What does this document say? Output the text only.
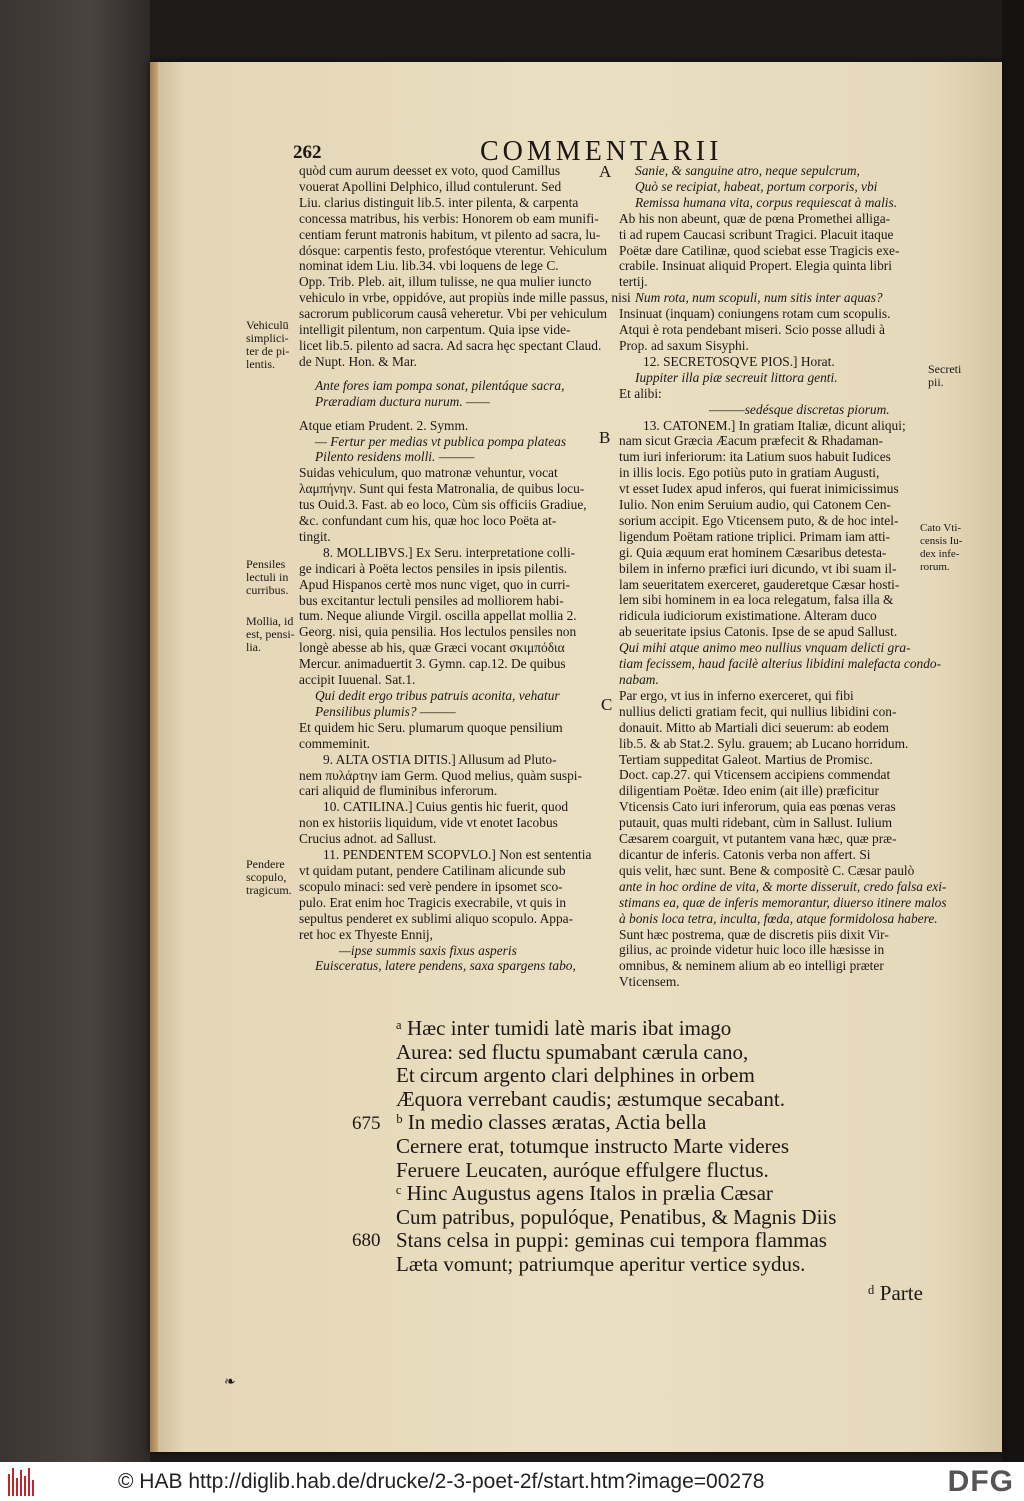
262	COMMENTARII
quòd cum aurum deesset ex voto, quod Camillus
vouerat Apollini Delphico, illud contulerunt. Sed
Liu. clarius distinguit lib.5. inter pilenta, & carpenta
concessa matribus, his verbis: Honorem ob eam munifi-
centiam ferunt matronis habitum, vt pilento ad sacra, lu-
dósque: carpentis festo, profestóque vterentur. Vehiculum
nominat idem Liu. lib.34. vbi loquens de lege C.
Opp. Trib. Pleb. ait, illum tulisse, ne qua mulier iuncto
vehiculo in vrbe, oppidóve, aut propiùs inde mille passus, nisi
sacrorum publicorum causâ veheretur. Vbi per vehiculum
intelligit pilentum, non carpentum. Quia ipse vide-
licet lib.5. pilento ad sacra. Ad sacra hęc spectant Claud.
de Nupt. Hon. & Mar.
Ante fores iam pompa sonat, pilentáque sacra,
Præradiam ductura nurum. ——
Atque etiam Prudent. 2. Symm.
— Fertur per medias vt publica pompa plateas
Pilento residens molli. ———
Suidas vehiculum, quo matronæ vehuntur, vocat
λαμπήνην. Sunt qui festa Matronalia, de quibus locu-
tus Ouid.3. Fast. ab eo loco, Cùm sis officiis Gradiue,
&c. confundant cum his, quæ hoc loco Poëta at-
tingit.
8. MOLLIBVS.] Ex Seru. interpretatione colli-
ge indicari à Poëta lectos pensiles in ipsis pilentis.
Apud Hispanos certè mos nunc viget, quo in curri-
bus excitantur lectuli pensiles ad molliorem habi-
tum. Neque aliunde Virgil. oscilla appellat mollia 2.
Georg. nisi, quia pensilia. Hos lectulos pensiles non
longè abesse ab his, quæ Græci vocant σκιμπόδια
Mercur. animaduertit 3. Gymn. cap.12. De quibus
accipit Iuuenal. Sat.1.
Qui dedit ergo tribus patruis aconita, vehatur
Pensilibus plumis? ———
Et quidem hic Seru. plumarum quoque pensilium
commeminit.
9. ALTA OSTIA DITIS.] Allusum ad Pluto-
nem πυλάρτην iam Germ. Quod melius, quàm suspi-
cari aliquid de fluminibus inferorum.
10. CATILINA.] Cuius gentis hic fuerit, quod
non ex historiis liquidum, vide vt enotet Iacobus
Crucius adnot. ad Sallust.
11. PENDENTEM SCOPVLO.] Non est sententia
vt quidam putant, pendere Catilinam alicunde sub
scopulo minaci: sed verè pendere in ipsomet sco-
pulo. Erat enim hoc Tragicis execrabile, vt quis in
sepultus penderet ex sublimi aliquo scopulo. Appa-
ret hoc ex Thyeste Ennij,
—ipse summis saxis fixus asperis
Euisceratus, latere pendens, saxa spargens tabo,
Sanie, & sanguine atro, neque sepulcrum,
Quò se recipiat, habeat, portum corporis, vbi
Remissa humana vita, corpus requiescat à malis.
Ab his non abeunt, quæ de pœna Promethei alliga-
ti ad rupem Caucasi scribunt Tragici. Placuit itaque
Poëtæ dare Catilinæ, quod sciebat esse Tragicis exe-
crabile. Insinuat aliquid Propert. Elegia quinta libri
tertij.
Num rota, num scopuli, num sitis inter aquas?
Insinuat (inquam) coniungens rotam cum scopulis.
Atqui è rota pendebant miseri. Scio posse alludi à
Prop. ad saxum Sisyphi.
12. SECRETOSQVE PIOS.] Horat.
Iuppiter illa piæ secreuit littora genti.
Et alibi:
———sedésque discretas piorum.
13. CATONEM.] In gratiam Italiæ, dicunt aliqui;
nam sicut Græcia Æacum præfecit & Rhadaman-
tum iuri inferiorum: ita Latium suos habuit Iudices
in illis locis. Ego potiùs puto in gratiam Augusti,
vt esset Iudex apud inferos, qui fuerat inimicissimus
Iulio. Non enim Seruium audio, qui Catonem Cen-
sorium accipit. Ego Vticensem puto, & de hoc intel-
ligendum Poëtam ratione triplici. Primam iam atti-
gi. Quia æquum erat hominem Cæsaribus detesta-
bilem in inferno præfici iuri dicundo, vt ibi suam il-
lam seueritatem exerceret, gauderetque Cæsar hosti-
lem sibi hominem in ea loca relegatum, falsa illa &
ridicula iudiciorum existimatione. Alteram duco
ab seueritate ipsius Catonis. Ipse de se apud Sallust.
Qui mihi atque animo meo nullius vnquam delicti gra-
tiam fecissem, haud facilè alterius libidini malefacta condo-
nabam.
Par ergo, vt ius in inferno exerceret, qui fibi
nullius delicti gratiam fecit, qui nullius libidini con-
donauit. Mitto ab Martiali dici seuerum: ab eodem
lib.5. & ab Stat.2. Sylu. grauem; ab Lucano horridum.
Tertiam suppeditat Galeot. Martius de Promisc.
Doct. cap.27. qui Vticensem accipiens commendat
diligentiam Poëtæ. Ideo enim (ait ille) præficitur
Vticensis Cato iuri inferorum, quia eas pœnas veras
putauit, quas multi ridebant, cùm in Sallust. Iulium
Cæsarem coarguit, vt putantem vana hæc, quæ præ-
dicantur de inferis. Catonis verba non affert. Si
quis velit, hæc sunt. Bene & compositè C. Cæsar paulò
ante in hoc ordine de vita, & morte disseruit, credo falsa exi-
stimans ea, quæ de inferis memorantur, diuerso itinere malos
à bonis loca tetra, inculta, fœda, atque formidolosa habere.
Sunt hæc postrema, quæ de discretis piis dixit Vir-
gilius, ac proinde videtur huic loco ille hæsisse in
omnibus, & neminem alium ab eo intelligi præter
Vticensem.
Vehiculū
simplici-
ter de pi-
lentis.
Pensiles
lectuli in
curribus.
Mollia, id
est, pensi-
lia.
Pendere
scopulo,
tragicum.
Secreti
pii.
Cato Vti-
censis Iu-
dex infe-
rorum.
A
B
C
ᵃ Hæc inter tumidi latè maris ibat imago
Aurea: sed fluctu spumabant cærula cano,
Et circum argento clari delphines in orbem
Æquora verrebant caudis; æstumque secabant.
ᵇ In medio classes æratas, Actia bella
Cernere erat, totumque instructo Marte videres
Feruere Leucaten, auróque effulgere fluctus.
ᶜ Hinc Augustus agens Italos in prælia Cæsar
Cum patribus, populóque, Penatibus, & Magnis Diis
Stans celsa in puppi: geminas cui tempora flammas
Læta vomunt; patriumque aperitur vertice sydus.
675
680
ᵈ Parte
❧
© HAB http://diglib.hab.de/drucke/2-3-poet-2f/start.htm?image=00278	DFG
